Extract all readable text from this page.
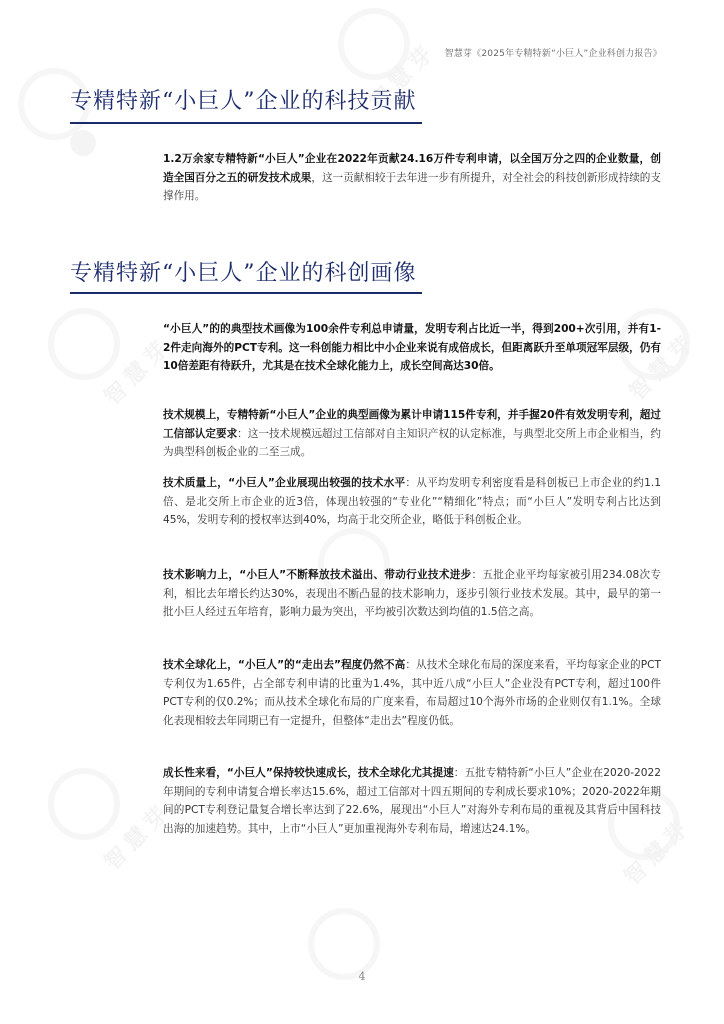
智慧芽
智慧芽	智慧芽
智慧芽	智慧芽
智慧芽《2025年专精特新“小巨人”企业科创力报告》
专精特新“小巨人”企业的科技贡献

1.2万余家专精特新“小巨人”企业在2022年贡献24.16万件专利申请，以全国万分之四的企业数量，创造全国百分之五的研发技术成果，这一贡献相较于去年进一步有所提升，对全社会的科技创新形成持续的支撑作用。

专精特新“小巨人”企业的科创画像

“小巨人”的的典型技术画像为100余件专利总申请量，发明专利占比近一半，得到200+次引用，并有1-2件走向海外的PCT专利。这一科创能力相比中小企业来说有成倍成长，但距离跃升至单项冠军层级，仍有10倍差距有待跃升，尤其是在技术全球化能力上，成长空间高达30倍。

技术规模上，专精特新“小巨人”企业的典型画像为累计申请115件专利，并手握20件有效发明专利，超过工信部认定要求：这一技术规模远超过工信部对自主知识产权的认定标准，与典型北交所上市企业相当，约为典型科创板企业的二至三成。

技术质量上，“小巨人”企业展现出较强的技术水平：从平均发明专利密度看是科创板已上市企业的约1.1倍、是北交所上市企业的近3倍，体现出较强的“专业化”“精细化”特点；而“小巨人”发明专利占比达到45%，发明专利的授权率达到40%，均高于北交所企业，略低于科创板企业。

技术影响力上，“小巨人”不断释放技术溢出、带动行业技术进步：五批企业平均每家被引用234.08次专利，相比去年增长约达30%，表现出不断凸显的技术影响力，逐步引领行业技术发展。其中，最早的第一批小巨人经过五年培育，影响力最为突出，平均被引次数达到均值的1.5倍之高。

技术全球化上，“小巨人”的“走出去”程度仍然不高：从技术全球化布局的深度来看，平均每家企业的PCT专利仅为1.65件，占全部专利申请的比重为1.4%，其中近八成“小巨人”企业没有PCT专利，超过100件PCT专利的仅0.2%；而从技术全球化布局的广度来看，布局超过10个海外市场的企业则仅有1.1%。全球化表现相较去年同期已有一定提升，但整体“走出去”程度仍低。

成长性来看，“小巨人”保持较快速成长，技术全球化尤其提速：五批专精特新“小巨人”企业在2020-2022年期间的专利申请复合增长率达15.6%，超过工信部对十四五期间的专利成长要求10%；2020-2022年期间的PCT专利登记量复合增长率达到了22.6%，展现出“小巨人”对海外专利布局的重视及其背后中国科技出海的加速趋势。其中，上市“小巨人”更加重视海外专利布局，增速达24.1%。

4
